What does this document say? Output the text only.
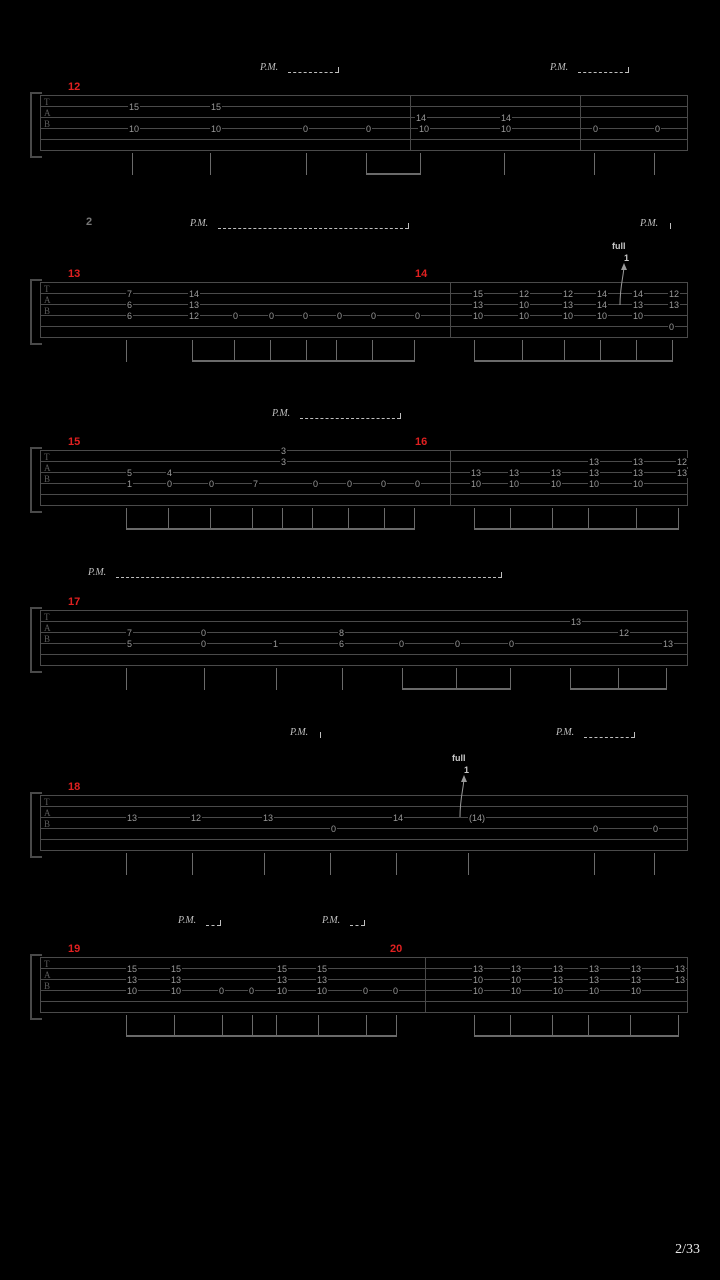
T
A
B
12
P.M.	P.M.
15
10
15
10	0	0
14
10
14
10	0	0
T
A
B
13	14
2	P.M.	P.M.
full
1
7
6
6
14
13
12	0	0	0	0	0	0
15
13
10
12
10
10
12
13
10
14
14
10
14
13
10
12
13
0
T
A
B
15	16
P.M.
3
3
5
1
4
0	0	7	0	0	0	0
13
10
13
10
13
10
13
13
10
13
13
10
12
13
T
A
B
17
P.M.
7
5
0
0	1
8
6	0	0	0
13
12
13
T
A
B
18
P.M.	P.M.
full
1
13	12	13
0
14	(14)
0	0
T
A
B
19	20
P.M.	P.M.
15
13
10
15
13
10	0	0
15
13
10
15
13
10	0	0
13
10
10
13
10
10
13
13
10
13
13
10
13
13
10
13
13
2/33
